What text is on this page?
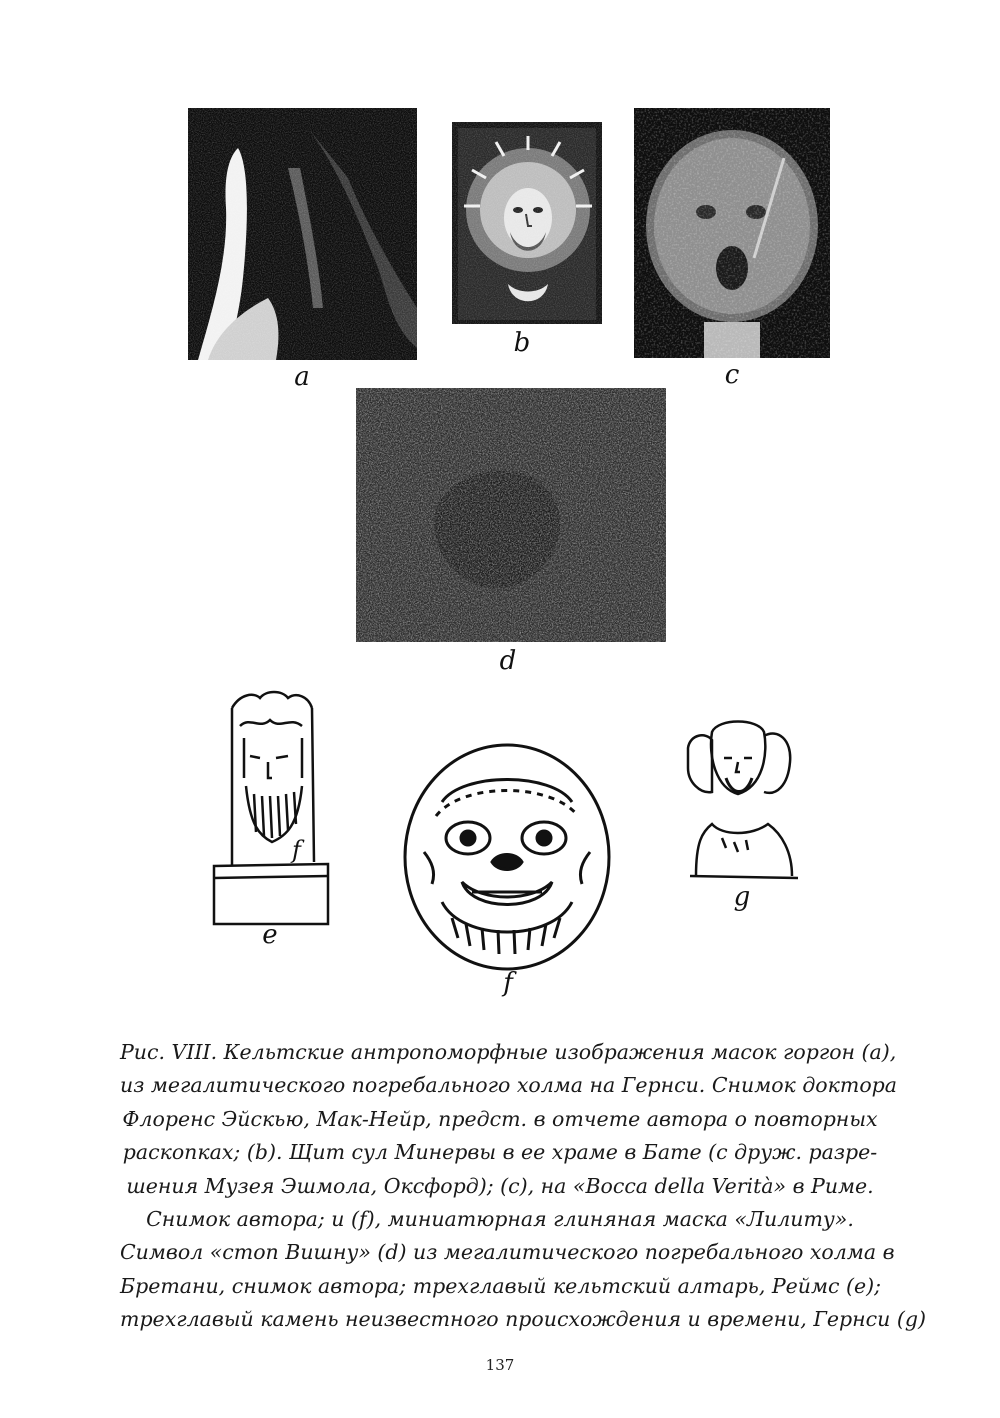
a
b
c
d
f
e
f
g
Рис. VIII. Кельтские антропоморфные изображения масок горгон (а),
из мегалитического погребального холма на Гернси. Снимок доктора
Флоренс Эйскью, Мак-Нейр, предст. в отчете автора о повторных
раскопках; (b). Щит сул Минервы в ее храме в Бате (с друж. разре-
шения Музея Эшмола, Оксфорд); (с), на «Bocca della Verità» в Риме.
Снимок автора; и (f), миниатюрная глиняная маска «Лилиту».
Символ «стоп Вишну» (d) из мегалитического погребального холма в
Бретани, снимок автора; трехглавый кельтский алтарь, Реймс (е);
трехглавый камень неизвестного происхождения и времени, Гернси (g)
137
